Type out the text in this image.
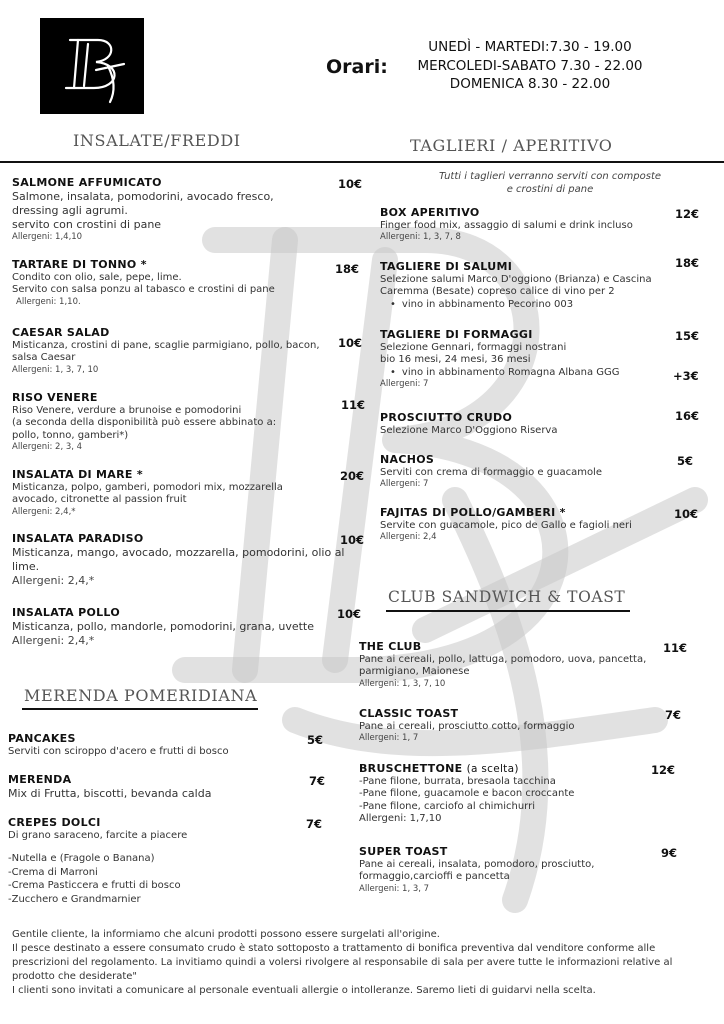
Orari:
UNEDÌ - MARTEDI:7.30 - 19.00
MERCOLEDI-SABATO 7.30 - 22.00
DOMENICA 8.30 - 22.00
INSALATE/FREDDI	TAGLIERI / APERITIVO
Tutti i taglieri verranno serviti con composte
e crostini di pane
SALMONE AFFUMICATO
Salmone, insalata, pomodorini, avocado fresco,
dressing agli agrumi.
servito con crostini di pane
Allergeni: 1,4,10
10€
TARTARE DI TONNO *
Condito con olio, sale, pepe, lime.
Servito con salsa ponzu al tabasco e crostini di pane
Allergeni: 1,10.
18€
CAESAR SALAD
Misticanza, crostini di pane, scaglie parmigiano, pollo, bacon,
salsa Caesar
Allergeni: 1, 3, 7, 10
10€
RISO VENERE
Riso Venere, verdure a brunoise e pomodorini
(a seconda della disponibilità può essere abbinato a:
pollo, tonno, gamberi*)
Allergeni: 2, 3, 4
11€
INSALATA DI MARE *
Misticanza, polpo, gamberi, pomodori mix, mozzarella
avocado, citronette al passion fruit
Allergeni: 2,4,*
20€
INSALATA PARADISO
Misticanza, mango, avocado, mozzarella, pomodorini, olio al
lime.
Allergeni: 2,4,*
10€
INSALATA POLLO
Misticanza, pollo, mandorle, pomodorini, grana, uvette
Allergeni: 2,4,*
10€
MERENDA POMERIDIANA
PANCAKES
Serviti con sciroppo d'acero e frutti di bosco
5€
MERENDA
Mix di Frutta, biscotti, bevanda calda
7€
CREPES DOLCI
Di grano saraceno, farcite a piacere
-Nutella e (Fragole o Banana)
-Crema di Marroni
-Crema Pasticcera e frutti di bosco
-Zucchero e Grandmarnier
7€
BOX APERITIVO
Finger food mix, assaggio di salumi e drink incluso
Allergeni: 1, 3, 7, 8
12€
TAGLIERE DI SALUMI
Selezione salumi Marco D'oggiono (Brianza) e Cascina
Caremma (Besate) copreso calice di vino per 2
• vino in abbinamento Pecorino 003
18€
TAGLIERE DI FORMAGGI
Selezione Gennari, formaggi nostrani
bio 16 mesi, 24 mesi, 36 mesi
• vino in abbinamento Romagna Albana GGG
Allergeni: 7
15€
+3€
PROSCIUTTO CRUDO
Selezione Marco D'Oggiono Riserva
16€
NACHOS
Serviti con crema di formaggio e guacamole
Allergeni: 7
5€
FAJITAS DI POLLO/GAMBERI *
Servite con guacamole, pico de Gallo e fagioli neri
Allergeni: 2,4
10€
CLUB SANDWICH & TOAST
THE CLUB
Pane ai cereali, pollo, lattuga, pomodoro, uova, pancetta,
parmigiano, Maionese
Allergeni: 1, 3, 7, 10
11€
CLASSIC TOAST
Pane ai cereali, prosciutto cotto, formaggio
Allergeni: 1, 7
7€
BRUSCHETTONE (a scelta)
-Pane filone, burrata, bresaola tacchina
-Pane filone, guacamole e bacon croccante
-Pane filone, carciofo al chimichurri
Allergeni: 1,7,10
12€
SUPER TOAST
Pane ai cereali, insalata, pomodoro, prosciutto,
formaggio,carcioffi e pancetta
Allergeni: 1, 3, 7
9€
Gentile cliente, la informiamo che alcuni prodotti possono essere surgelati all'origine.
Il pesce destinato a essere consumato crudo è stato sottoposto a trattamento di bonifica preventiva dal venditore conforme alle
prescrizioni del regolamento. La invitiamo quindi a volersi rivolgere al responsabile di sala per avere tutte le informazioni relative al
prodotto che desiderate"
I clienti sono invitati a comunicare al personale eventuali allergie o intolleranze. Saremo lieti di guidarvi nella scelta.
